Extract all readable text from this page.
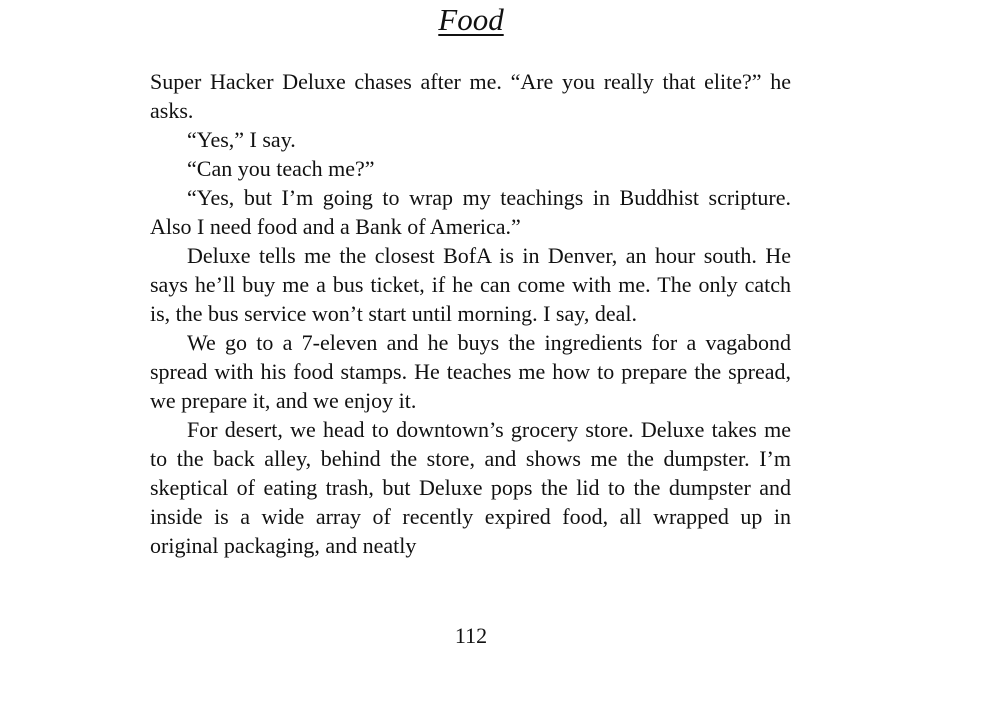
Food

Super Hacker Deluxe chases after me. “Are you really that elite?” he asks.

“Yes,” I say.

“Can you teach me?”

“Yes, but I’m going to wrap my teachings in Buddhist scripture. Also I need food and a Bank of America.”

Deluxe tells me the closest BofA is in Denver, an hour south. He says he’ll buy me a bus ticket, if he can come with me. The only catch is, the bus service won’t start until morning. I say, deal.

We go to a 7-eleven and he buys the ingredients for a vagabond spread with his food stamps. He teaches me how to prepare the spread, we prepare it, and we enjoy it.

For desert, we head to downtown’s grocery store. Deluxe takes me to the back alley, behind the store, and shows me the dumpster. I’m skeptical of eating trash, but Deluxe pops the lid to the dumpster and inside is a wide array of recently expired food, all wrapped up in original packaging, and neatly

112
